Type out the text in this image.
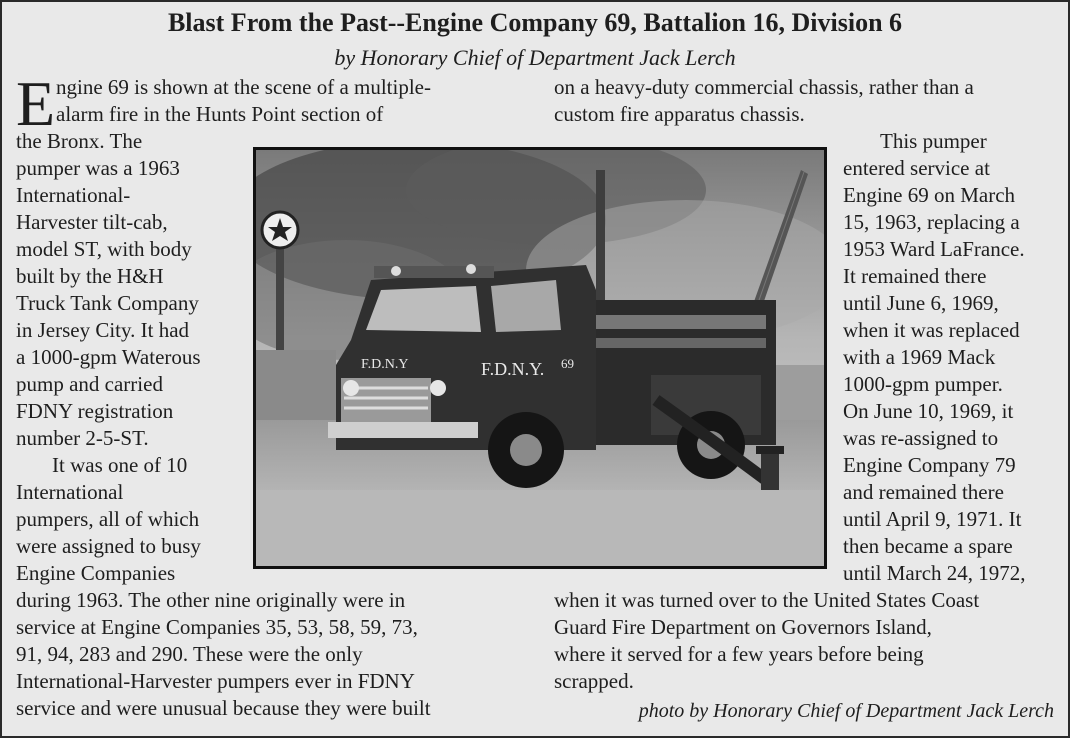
Blast From the Past--Engine Company 69, Battalion 16, Division 6
by Honorary Chief of Department Jack Lerch
E ngine 69 is shown at the scene of a multiple-
alarm fire in the Hunts Point section of
the Bronx. The
pumper was a 1963
International-
Harvester tilt-cab,
model ST, with body
built by the H&H
Truck Tank Company
in Jersey City. It had
a 1000-gpm Waterous
pump and carried
FDNY registration
number 2-5-ST.
It was one of 10
International
pumpers, all of which
were assigned to busy
Engine Companies
during 1963. The other nine originally were in
service at Engine Companies 35, 53, 58, 59, 73,
91, 94, 283 and 290. These were the only
International-Harvester pumpers ever in FDNY
service and were unusual because they were built
on a heavy-duty commercial chassis, rather than a
custom fire apparatus chassis.
This pumper
entered service at
Engine 69 on March
15, 1963, replacing a
1953 Ward LaFrance.
It remained there
until June 6, 1969,
when it was replaced
with a 1969 Mack
1000-gpm pumper.
On June 10, 1969, it
was re-assigned to
Engine Company 79
and remained there
until April 9, 1971. It
then became a spare
until March 24, 1972,
when it was turned over to the United States Coast
Guard Fire Department on Governors Island,
where it served for a few years before being
scrapped.
F.D.N.Y.
F.D.N.Y	69
photo by Honorary Chief of Department Jack Lerch
